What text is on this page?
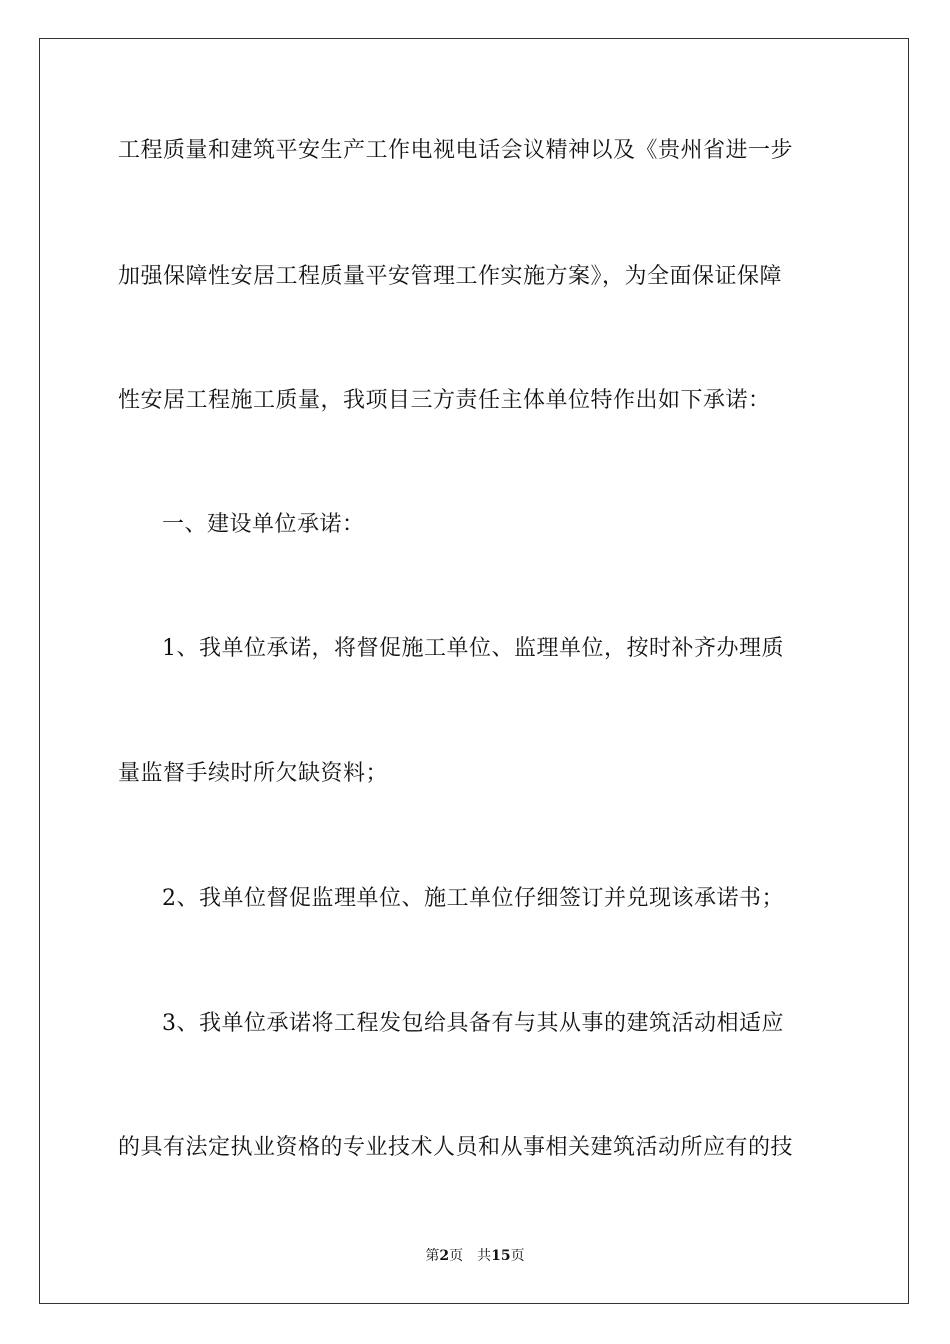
工程质量和建筑平安生产工作电视电话会议精神以及《贵州省进一步
加强保障性安居工程质量平安管理工作实施方案》，为全面保证保障
性安居工程施工质量，我项目三方责任主体单位特作出如下承诺：
一、建设单位承诺：
1、我单位承诺，将督促施工单位、监理单位，按时补齐办理质
量监督手续时所欠缺资料；
2、我单位督促监理单位、施工单位仔细签订并兑现该承诺书；
3、我单位承诺将工程发包给具备有与其从事的建筑活动相适应
的具有法定执业资格的专业技术人员和从事相关建筑活动所应有的技
第2页 共15页
